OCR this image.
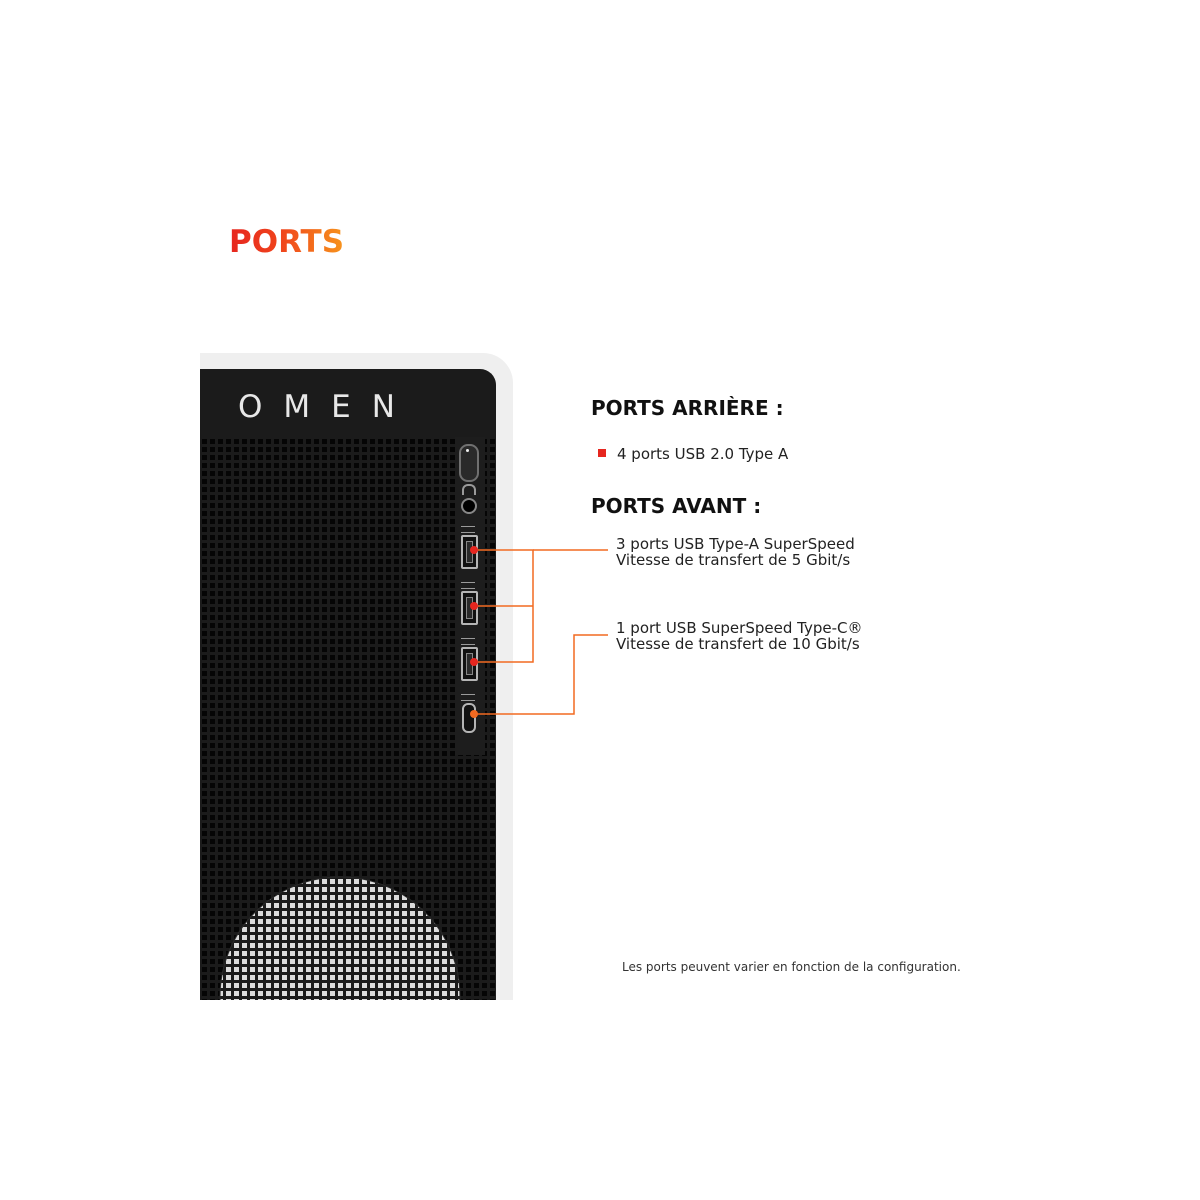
PORTS
OMEN	PORTS ARRIÈRE :

4 ports USB 2.0 Type A

PORTS AVANT :

3 ports USB Type-A SuperSpeed

Vitesse de transfert de 5 Gbit/s

1 port USB SuperSpeed Type-C®

Vitesse de transfert de 10 Gbit/s

Les ports peuvent varier en fonction de la configuration.
